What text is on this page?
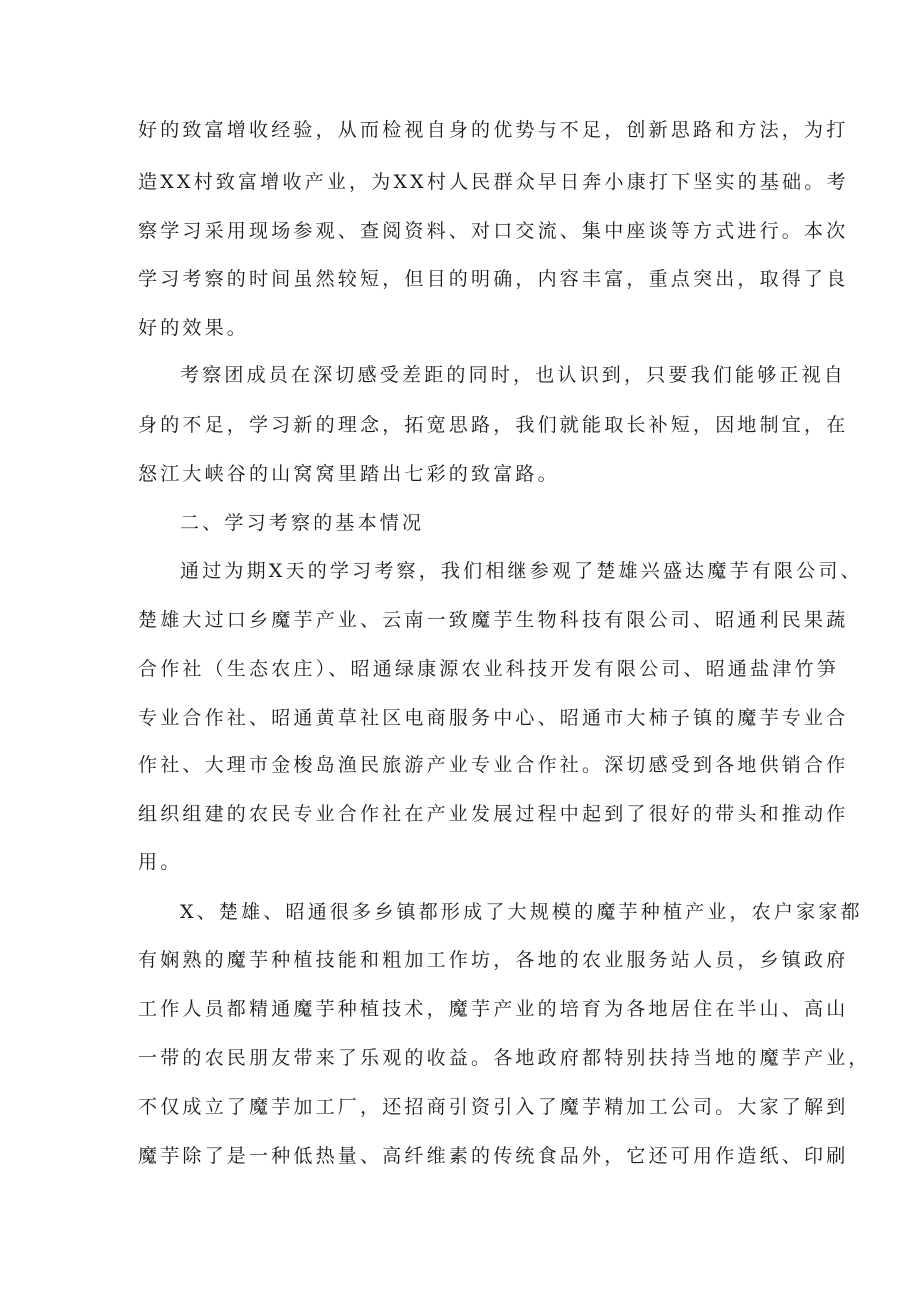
好的致富增收经验，从而检视自身的优势与不足，创新思路和方法，为打
造XX村致富增收产业，为XX村人民群众早日奔小康打下坚实的基础。考
察学习采用现场参观、查阅资料、对口交流、集中座谈等方式进行。本次
学习考察的时间虽然较短，但目的明确，内容丰富，重点突出，取得了良
好的效果。
考察团成员在深切感受差距的同时，也认识到，只要我们能够正视自
身的不足，学习新的理念，拓宽思路，我们就能取长补短，因地制宜，在
怒江大峡谷的山窝窝里踏出七彩的致富路。
二、学习考察的基本情况
通过为期X天的学习考察，我们相继参观了楚雄兴盛达魔芋有限公司、
楚雄大过口乡魔芋产业、云南一致魔芋生物科技有限公司、昭通利民果蔬
合作社（生态农庄）、昭通绿康源农业科技开发有限公司、昭通盐津竹笋
专业合作社、昭通黄草社区电商服务中心、昭通市大柿子镇的魔芋专业合
作社、大理市金梭岛渔民旅游产业专业合作社。深切感受到各地供销合作
组织组建的农民专业合作社在产业发展过程中起到了很好的带头和推动作
用。
X、楚雄、昭通很多乡镇都形成了大规模的魔芋种植产业，农户家家都
有娴熟的魔芋种植技能和粗加工作坊，各地的农业服务站人员，乡镇政府
工作人员都精通魔芋种植技术，魔芋产业的培育为各地居住在半山、高山
一带的农民朋友带来了乐观的收益。各地政府都特别扶持当地的魔芋产业，
不仅成立了魔芋加工厂，还招商引资引入了魔芋精加工公司。大家了解到
魔芋除了是一种低热量、高纤维素的传统食品外，它还可用作造纸、印刷
